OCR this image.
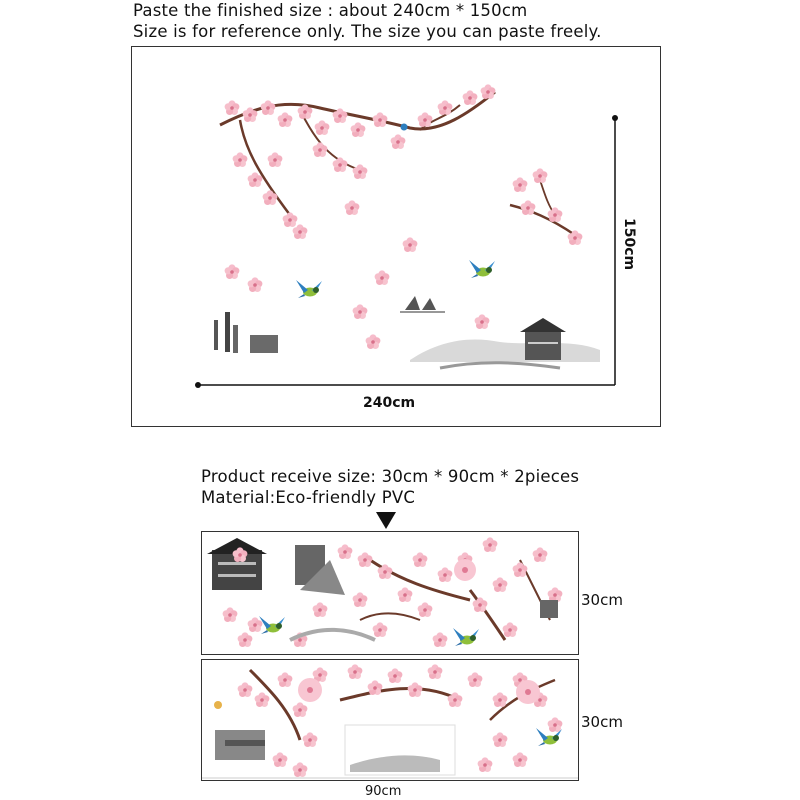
Paste the finished size : about 240cm * 150cm
Size is for reference only. The size you can paste freely.
240cm
150cm
Product receive size: 30cm * 90cm * 2pieces
Material:Eco-friendly PVC
30cm
30cm
90cm
